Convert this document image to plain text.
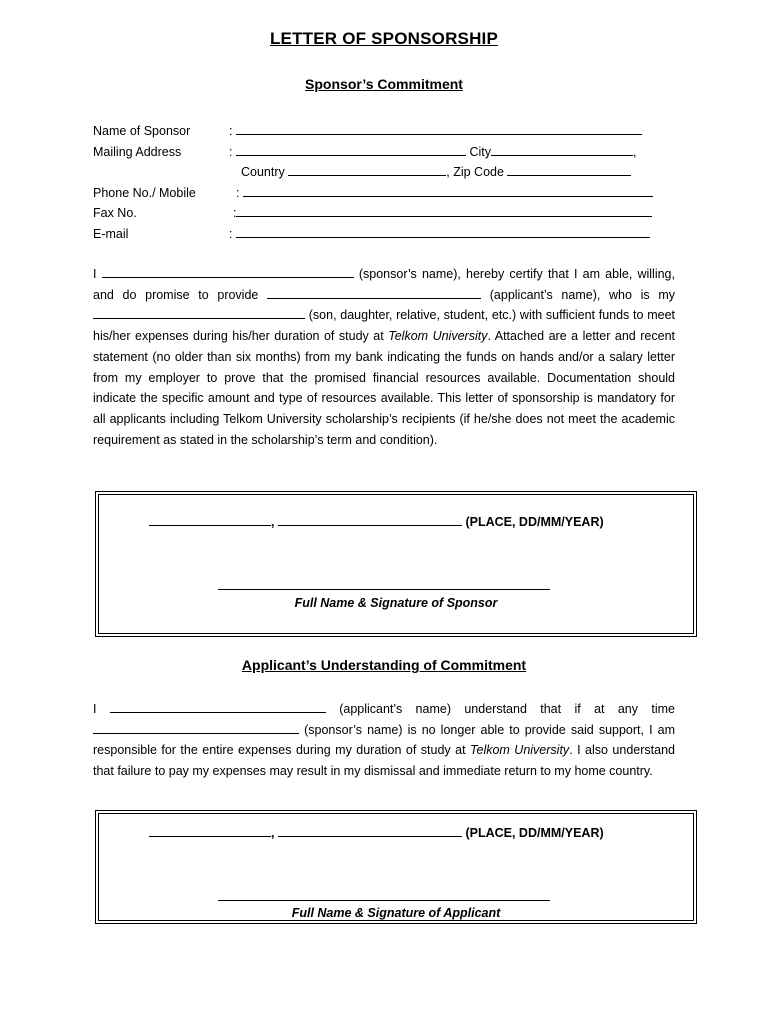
LETTER OF SPONSORSHIP
Sponsor’s Commitment
Name of Sponsor	:
Mailing Address	:	City	,
Country	, Zip Code
Phone No./ Mobile	:
Fax No.	:
E-mail	:
I	(sponsor’s name), hereby certify that I am able, willing, and do promise to provide	(applicant’s name), who is my  (son, daughter, relative, student, etc.) with sufficient funds to meet his/her expenses during his/her duration of study at Telkom University. Attached are a letter and recent statement (no older than six months) from my bank indicating the funds on hands and/or a salary letter from my employer to prove that the promised financial resources available. Documentation should indicate the specific amount and type of resources available. This letter of sponsorship is mandatory for all applicants including Telkom University scholarship’s recipients (if he/she does not meet the academic requirement as stated in the scholarship’s term and condition).
,	(PLACE, DD/MM/YEAR)
Full Name & Signature of Sponsor
Applicant’s Understanding of Commitment
I	(applicant’s name) understand that if at any time  (sponsor’s name) is no longer able to provide said support, I am responsible for the entire expenses during my duration of study at Telkom University. I also understand that failure to pay my expenses may result in my dismissal and immediate return to my home country.
,	(PLACE, DD/MM/YEAR)
Full Name & Signature of Applicant
